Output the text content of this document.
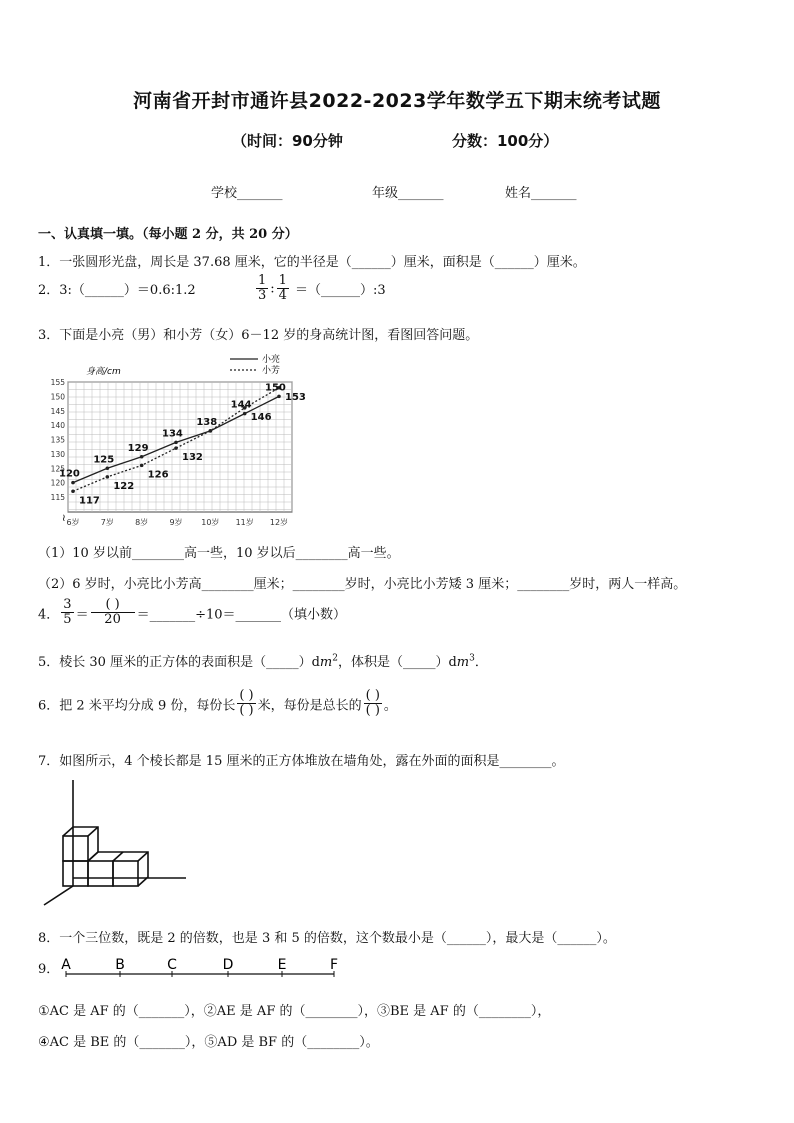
河南省开封市通许县2022-2023学年数学五下期末统考试题
（时间：90分钟	分数：100分）
学校_______	年级_______	姓名_______
一、认真填一填。（每小题 2 分，共 20 分）
1．一张圆形光盘，周长是 37.68 厘米，它的半径是（______）厘米，面积是（______）厘米。
2．3:（______）＝0.6:1.2	$\frac{1}{3}$ : $\frac{1}{4}$ ＝（______）:3
3．下面是小亮（男）和小芳（女）6－12 岁的身高统计图，看图回答问题。
115
120
125
130
135
140
145
150
155
6岁	7岁	8岁	9岁 10岁 11岁 12岁
120
125
129
134
138
144
150
117
122
126
132
146
153
身高/cm
小亮
小芳
≀
（1）10 岁以前________高一些，10 岁以后________高一些。
（2）6 岁时，小亮比小芳高________厘米；________岁时，小亮比小芳矮 3 厘米；________岁时，两人一样高。
4． $\frac{3}{5} = \frac{( )}{20}$ ＝_______÷10＝_______（填小数）
5．棱长 30 厘米的正方体的表面积是$(\_\_\_\_\_)dm^2$，体积是$(\_\_\_\_\_)dm^3$．
6．把 2 米平均分成 9 份，每份长 $\frac{( )}{( )}$ 米，每份是总长的 $\frac{( )}{( )}$ 。
7．如图所示，4 个棱长都是 15 厘米的正方体堆放在墙角处，露在外面的面积是________。
8．一个三位数，既是 2 的倍数，也是 3 和 5 的倍数，这个数最小是（______），最大是（______）。
9． A	B	C	D	E	F
①AC 是 AF 的（_______），②AE 是 AF 的（________），③BE 是 AF 的（________），
④AC 是 BE 的（_______），⑤AD 是 BF 的（________）。
